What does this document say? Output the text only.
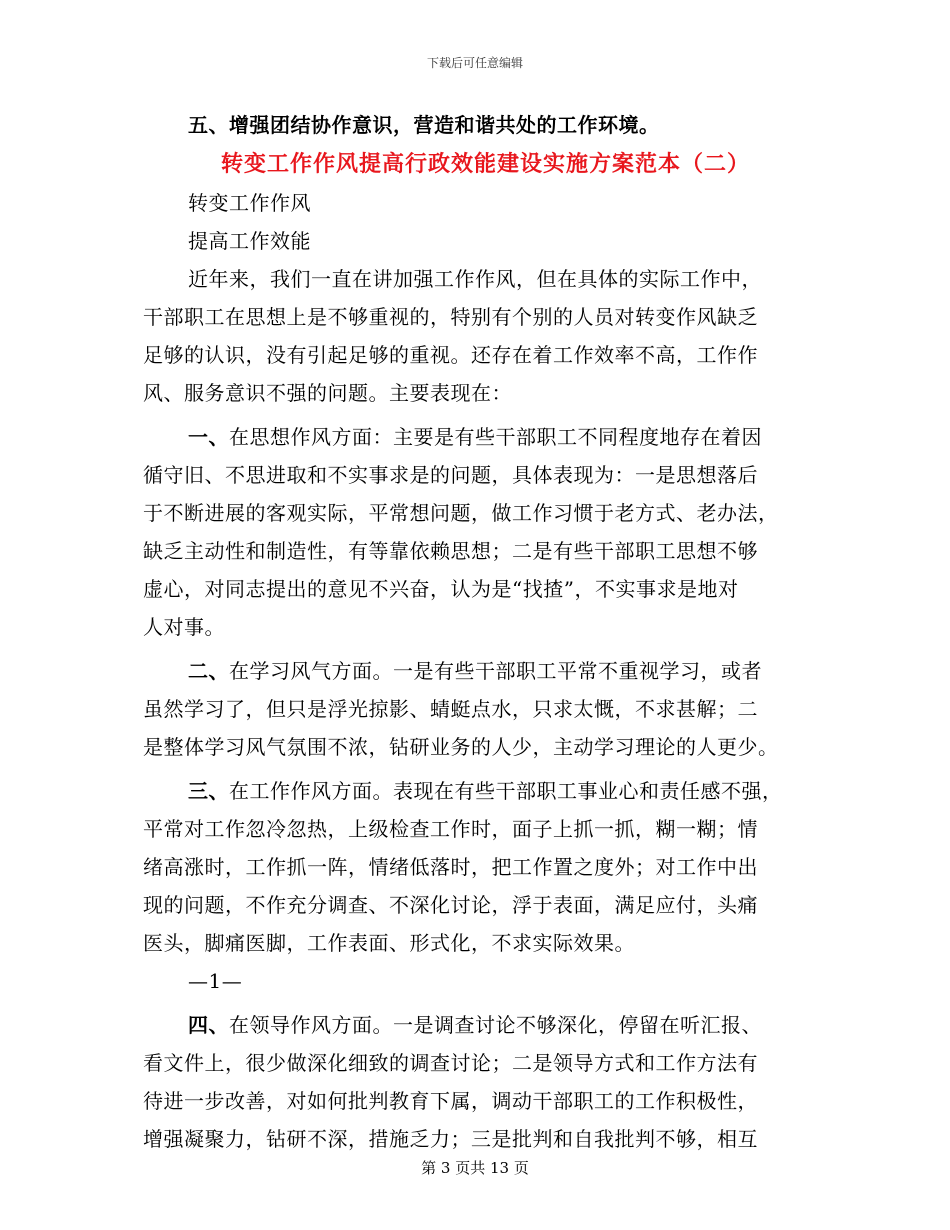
下载后可任意编辑
五、增强团结协作意识，营造和谐共处的工作环境。
转变工作作风提高行政效能建设实施方案范本（二）
转变工作作风
提高工作效能
近年来，我们一直在讲加强工作作风，但在具体的实际工作中，
干部职工在思想上是不够重视的，特别有个别的人员对转变作风缺乏
足够的认识，没有引起足够的重视。还存在着工作效率不高，工作作
风、服务意识不强的问题。主要表现在：
一、在思想作风方面：主要是有些干部职工不同程度地存在着因
循守旧、不思进取和不实事求是的问题，具体表现为：一是思想落后
于不断进展的客观实际，平常想问题，做工作习惯于老方式、老办法，
缺乏主动性和制造性，有等靠依赖思想；二是有些干部职工思想不够
虚心，对同志提出的意见不兴奋，认为是“找揸”，不实事求是地对
人对事。
二、在学习风气方面。一是有些干部职工平常不重视学习，或者
虽然学习了，但只是浮光掠影、蜻蜓点水，只求太慨，不求甚解；二
是整体学习风气氛围不浓，钻研业务的人少，主动学习理论的人更少。
三、在工作作风方面。表现在有些干部职工事业心和责任感不强，
平常对工作忽冷忽热，上级检查工作时，面子上抓一抓，糊一糊；情
绪高涨时，工作抓一阵，情绪低落时，把工作置之度外；对工作中出
现的问题，不作充分调查、不深化讨论，浮于表面，满足应付，头痛
医头，脚痛医脚，工作表面、形式化，不求实际效果。
—1—
四、在领导作风方面。一是调查讨论不够深化，停留在听汇报、
看文件上，很少做深化细致的调查讨论；二是领导方式和工作方法有
待进一步改善，对如何批判教育下属，调动干部职工的工作积极性，
增强凝聚力，钻研不深，措施乏力；三是批判和自我批判不够，相互
第 3 页共 13 页
